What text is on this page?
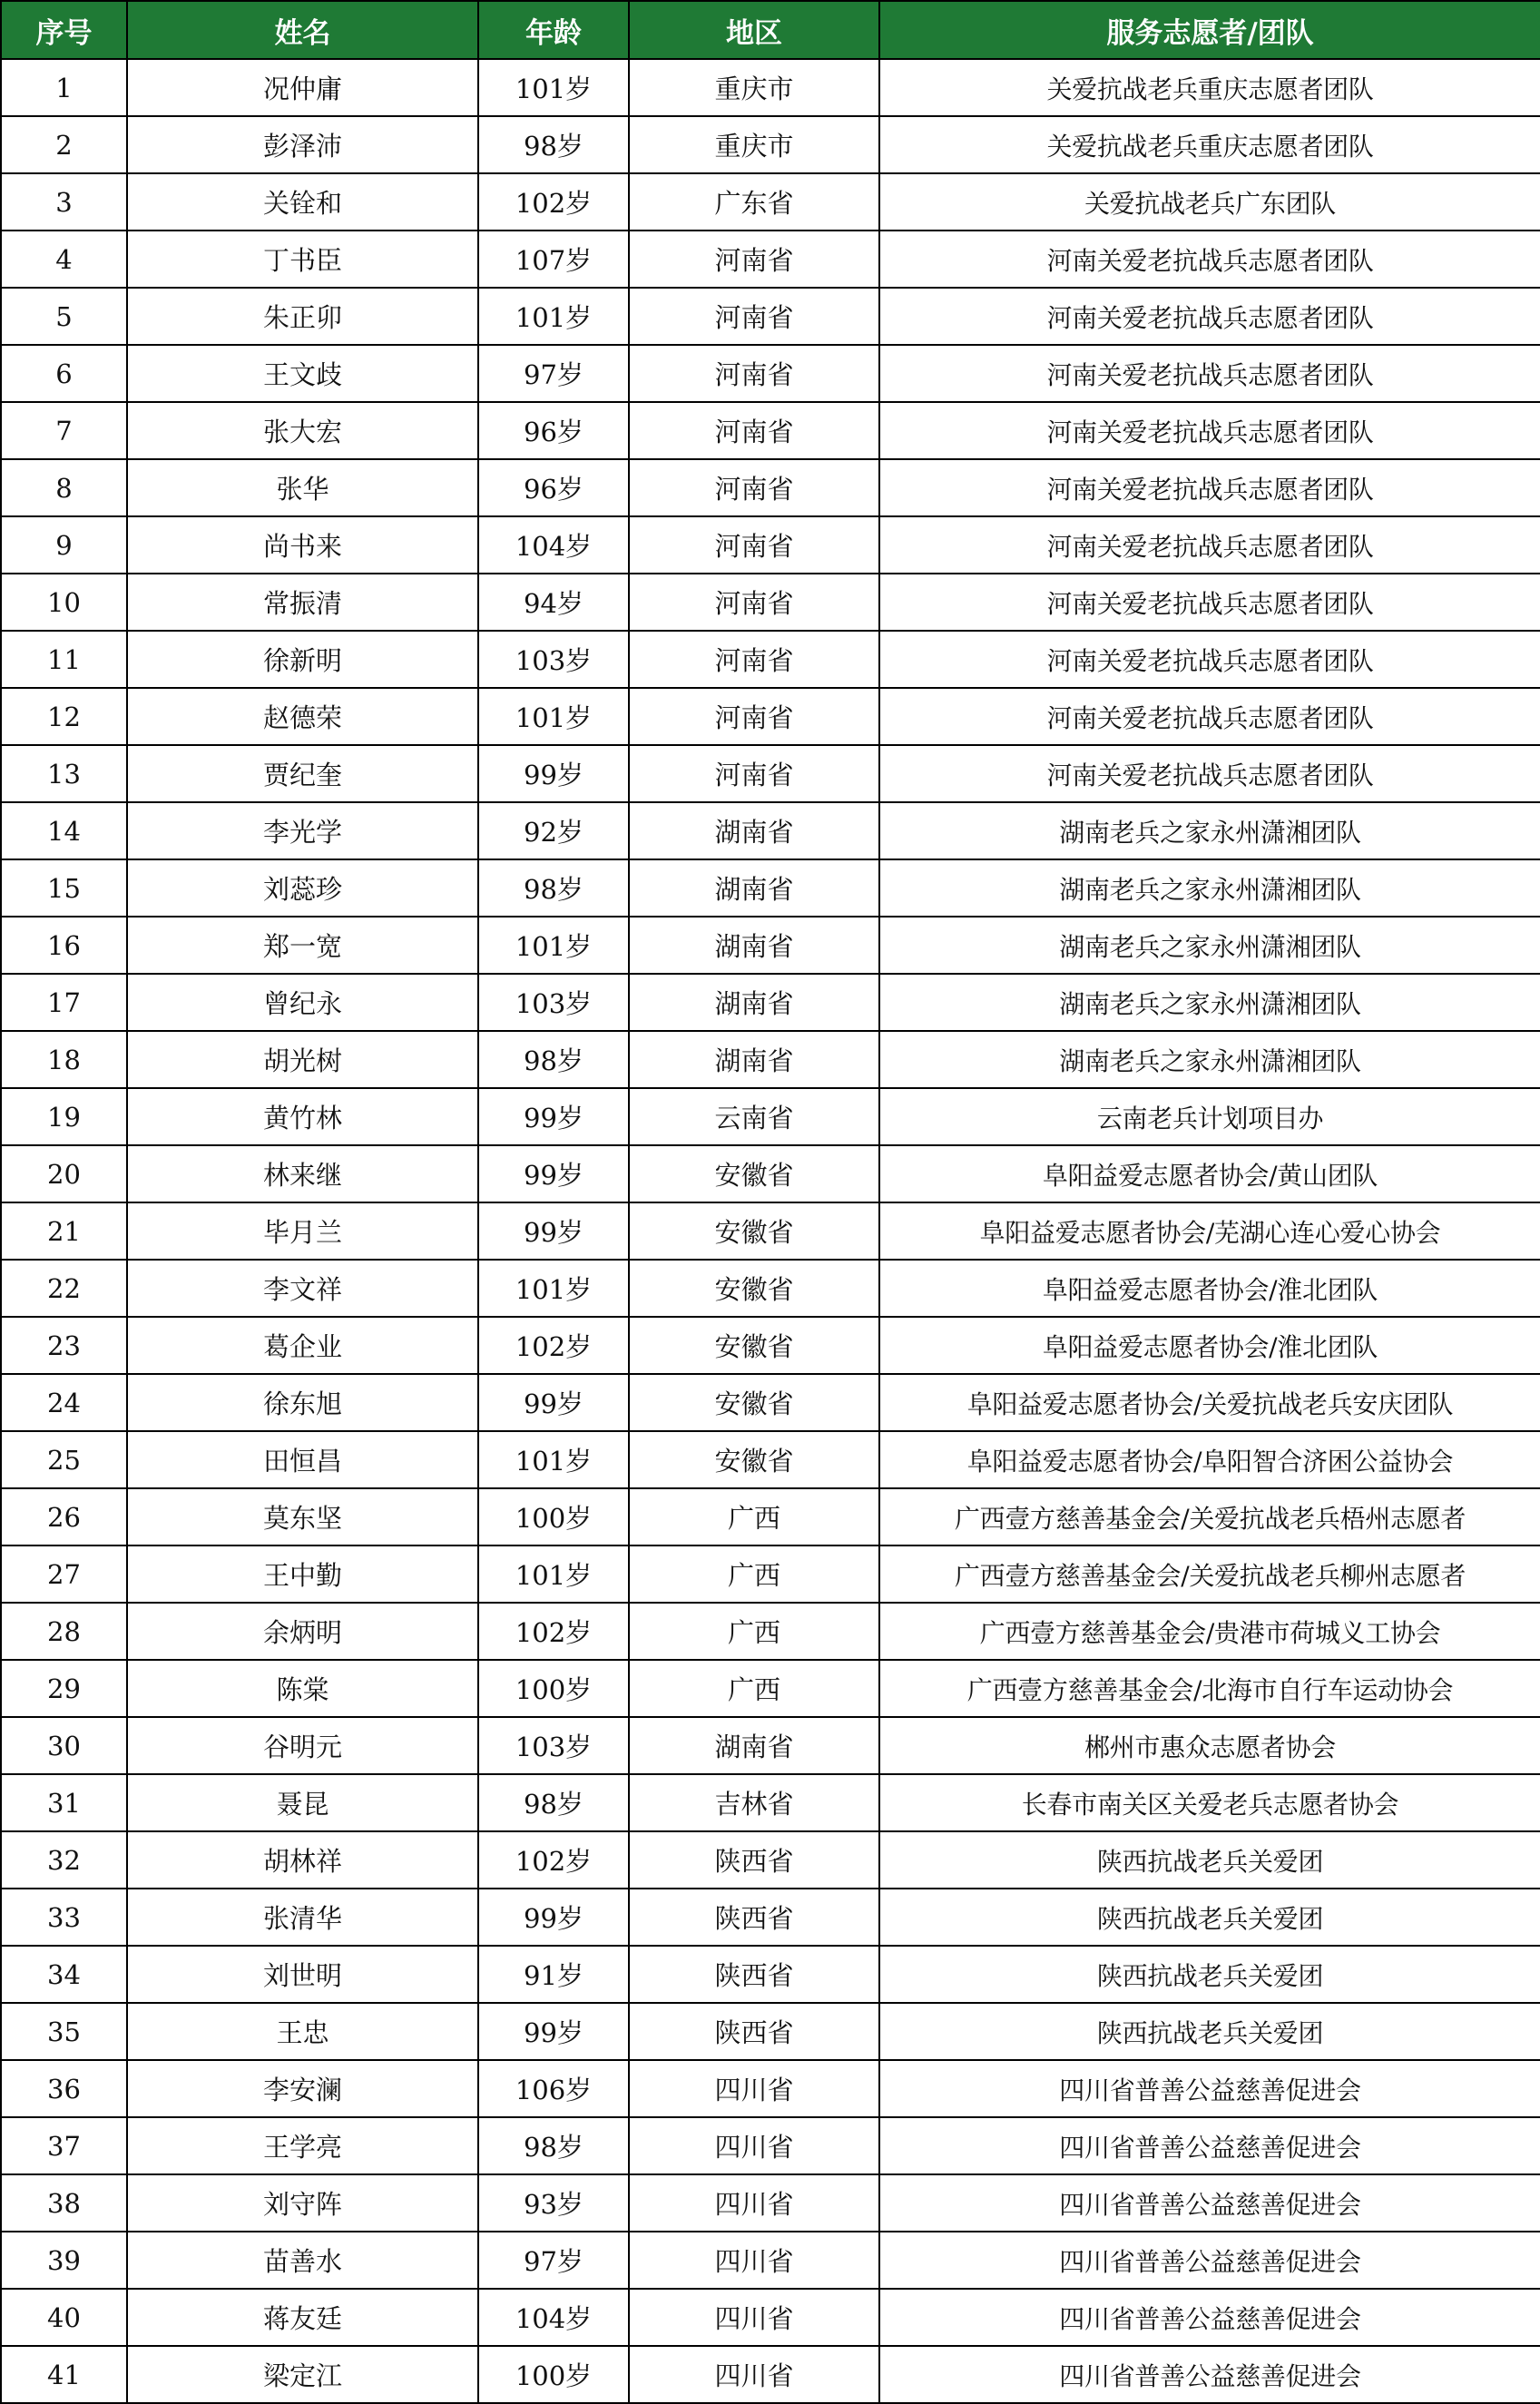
序号	姓名	年龄	地区	服务志愿者/团队
1	况仲庸	101岁	重庆市	关爱抗战老兵重庆志愿者团队
2	彭泽沛	98岁	重庆市	关爱抗战老兵重庆志愿者团队
3	关铨和	102岁	广东省	关爱抗战老兵广东团队
4	丁书臣	107岁	河南省	河南关爱老抗战兵志愿者团队
5	朱正卯	101岁	河南省	河南关爱老抗战兵志愿者团队
6	王文歧	97岁	河南省	河南关爱老抗战兵志愿者团队
7	张大宏	96岁	河南省	河南关爱老抗战兵志愿者团队
8	张华	96岁	河南省	河南关爱老抗战兵志愿者团队
9	尚书来	104岁	河南省	河南关爱老抗战兵志愿者团队
10	常振清	94岁	河南省	河南关爱老抗战兵志愿者团队
11	徐新明	103岁	河南省	河南关爱老抗战兵志愿者团队
12	赵德荣	101岁	河南省	河南关爱老抗战兵志愿者团队
13	贾纪奎	99岁	河南省	河南关爱老抗战兵志愿者团队
14	李光学	92岁	湖南省	湖南老兵之家永州潇湘团队
15	刘蕊珍	98岁	湖南省	湖南老兵之家永州潇湘团队
16	郑一宽	101岁	湖南省	湖南老兵之家永州潇湘团队
17	曾纪永	103岁	湖南省	湖南老兵之家永州潇湘团队
18	胡光树	98岁	湖南省	湖南老兵之家永州潇湘团队
19	黄竹林	99岁	云南省	云南老兵计划项目办
20	林来继	99岁	安徽省	阜阳益爱志愿者协会/黄山团队
21	毕月兰	99岁	安徽省	阜阳益爱志愿者协会/芜湖心连心爱心协会
22	李文祥	101岁	安徽省	阜阳益爱志愿者协会/淮北团队
23	葛企业	102岁	安徽省	阜阳益爱志愿者协会/淮北团队
24	徐东旭	99岁	安徽省	阜阳益爱志愿者协会/关爱抗战老兵安庆团队
25	田恒昌	101岁	安徽省	阜阳益爱志愿者协会/阜阳智合济困公益协会
26	莫东坚	100岁	广西	广西壹方慈善基金会/关爱抗战老兵梧州志愿者
27	王中勤	101岁	广西	广西壹方慈善基金会/关爱抗战老兵柳州志愿者
28	余炳明	102岁	广西	广西壹方慈善基金会/贵港市荷城义工协会
29	陈棠	100岁	广西	广西壹方慈善基金会/北海市自行车运动协会
30	谷明元	103岁	湖南省	郴州市惠众志愿者协会
31	聂昆	98岁	吉林省	长春市南关区关爱老兵志愿者协会
32	胡林祥	102岁	陕西省	陕西抗战老兵关爱团
33	张清华	99岁	陕西省	陕西抗战老兵关爱团
34	刘世明	91岁	陕西省	陕西抗战老兵关爱团
35	王忠	99岁	陕西省	陕西抗战老兵关爱团
36	李安澜	106岁	四川省	四川省普善公益慈善促进会
37	王学亮	98岁	四川省	四川省普善公益慈善促进会
38	刘守阵	93岁	四川省	四川省普善公益慈善促进会
39	苗善水	97岁	四川省	四川省普善公益慈善促进会
40	蒋友廷	104岁	四川省	四川省普善公益慈善促进会
41	梁定江	100岁	四川省	四川省普善公益慈善促进会
